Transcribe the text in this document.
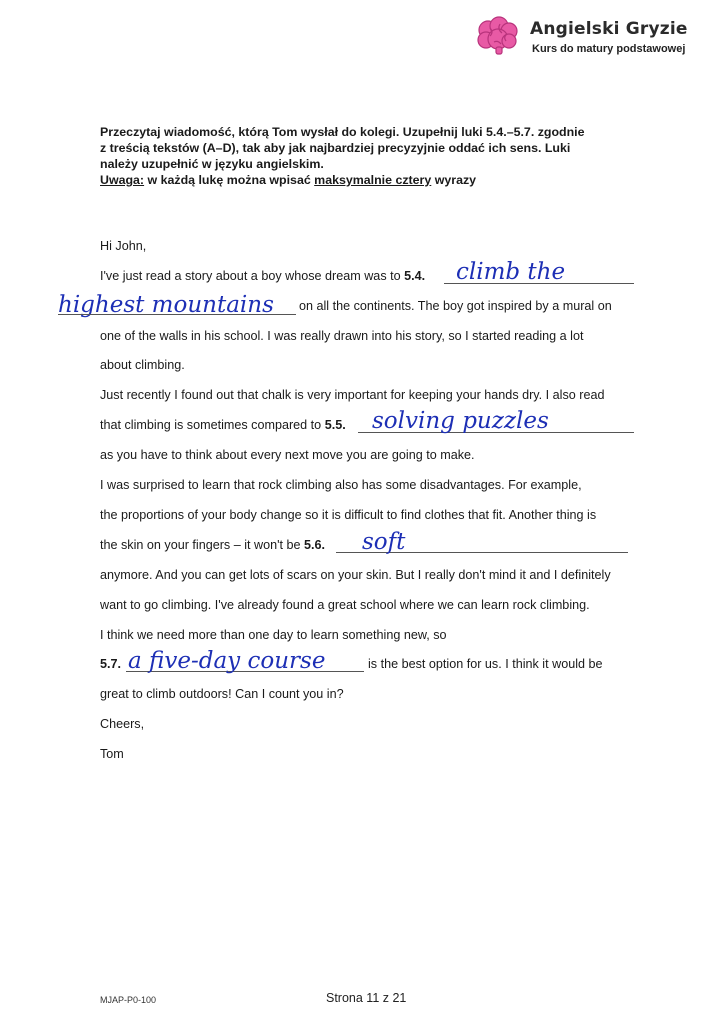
Angielski Gryzie
Kurs do matury podstawowej
Przeczytaj wiadomość, którą Tom wysłał do kolegi. Uzupełnij luki 5.4.–5.7. zgodnie
z treścią tekstów (A–D), tak aby jak najbardziej precyzyjnie oddać ich sens. Luki
należy uzupełnić w języku angielskim.
Uwaga: w każdą lukę można wpisać maksymalnie cztery wyrazy
Hi John,
I've just read a story about a boy whose dream was to 5.4. climb the
highest mountains on all the continents. The boy got inspired by a mural on
one of the walls in his school. I was really drawn into his story, so I started reading a lot
about climbing.
Just recently I found out that chalk is very important for keeping your hands dry. I also read
that climbing is sometimes compared to 5.5. solving puzzles
as you have to think about every next move you are going to make.
I was surprised to learn that rock climbing also has some disadvantages. For example,
the proportions of your body change so it is difficult to find clothes that fit. Another thing is
the skin on your fingers – it won't be 5.6. soft
anymore. And you can get lots of scars on your skin. But I really don't mind it and I definitely
want to go climbing. I've already found a great school where we can learn rock climbing.
I think we need more than one day to learn something new, so
5.7. a five-day course	is the best option for us. I think it would be
great to climb outdoors! Can I count you in?
Cheers,
Tom
MJAP-P0-100	Strona 11 z 21
